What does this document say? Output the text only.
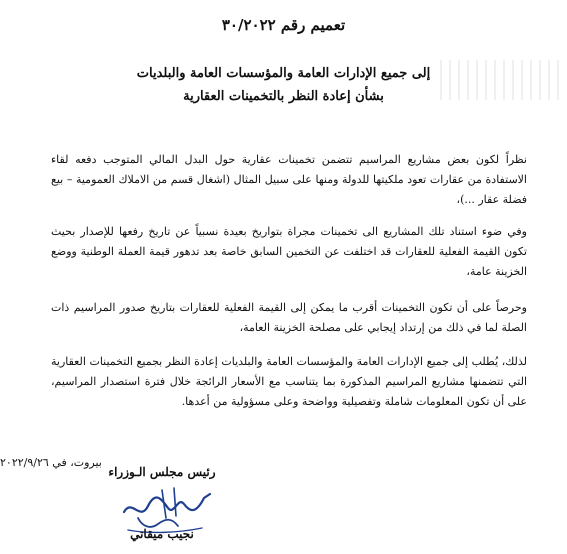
تعميم رقم ٣٠/٢٠٢٢
إلى جميع الإدارات العامة والمؤسسات العامة والبلديات
بشأن إعادة النظر بالتخمينات العقارية
نظراً لكون بعض مشاريع المراسيم تتضمن تخمينات عقارية حول البدل المالي المتوجب دفعه لقاء الاستفادة من عقارات تعود ملكيتها للدولة ومنها على سبيل المثال (اشغال قسم من الاملاك العمومية – بيع فضلة عقار ...)،
وفي ضوء استناد تلك المشاريع الى تخمينات مجراة بتواريخ بعيدة نسبياً عن تاريخ رفعها للإصدار بحيث تكون القيمة الفعلية للعقارات قد اختلفت عن التخمين السابق خاصة بعد تدهور قيمة العملة الوطنية ووضع الخزينة عامة،
وحرصاً على أن تكون التخمينات أقرب ما يمكن إلى القيمة الفعلية للعقارات بتاريخ صدور المراسيم ذات الصلة لما في ذلك من إرتداد إيجابي على مصلحة الخزينة العامة،
لذلك، يُطلب إلى جميع الإدارات العامة والمؤسسات العامة والبلديات إعادة النظر بجميع التخمينات العقارية التي تتضمنها مشاريع المراسيم المذكورة بما يتناسب مع الأسعار الرائجة خلال فترة استصدار المراسيم، على أن تكون المعلومات شاملة وتفصيلية وواضحة وعلى مسؤولية من أعدها.
بيروت، في ٢٠٢٢/٩/٢٦
رئيس مجلس الـوزراء
نجيب ميقاتي
